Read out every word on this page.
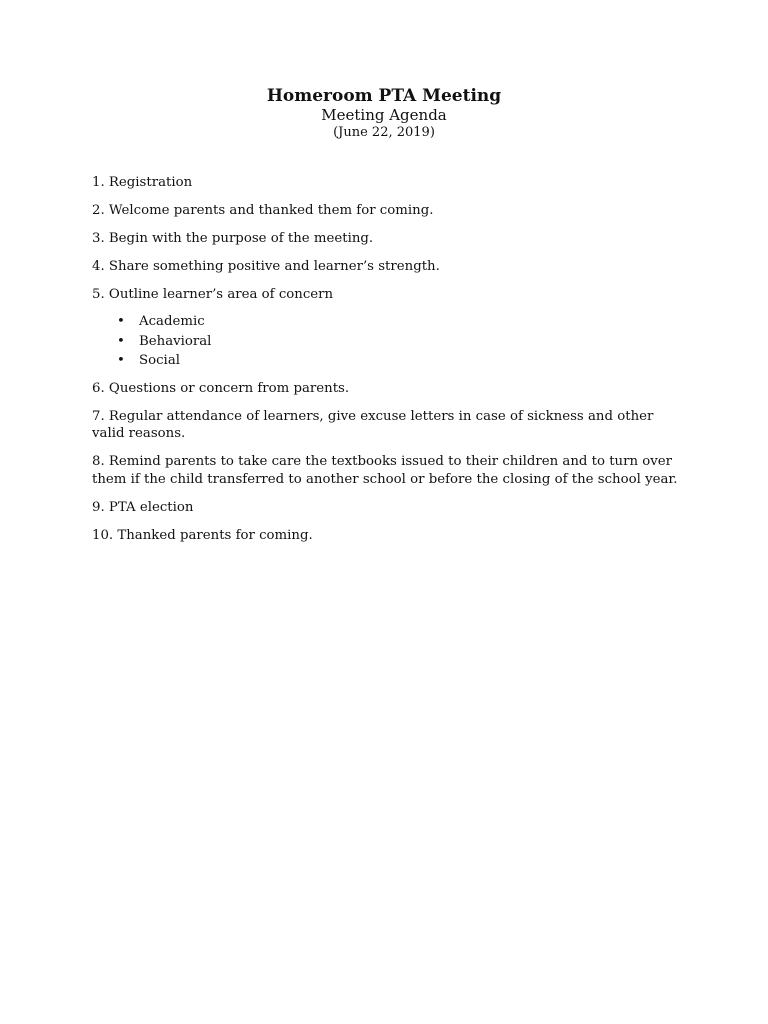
Homeroom PTA Meeting

Meeting Agenda

(June 22, 2019)

1. Registration

2. Welcome parents and thanked them for coming.

3. Begin with the purpose of the meeting.

4. Share something positive and learner’s strength.

5. Outline learner’s area of concern

• Academic
• Behavioral
• Social

6. Questions or concern from parents.

7. Regular attendance of learners, give excuse letters in case of sickness and other valid reasons.

8. Remind parents to take care the textbooks issued to their children and to turn over them if the child transferred to another school or before the closing of the school year.

9. PTA election

10. Thanked parents for coming.
